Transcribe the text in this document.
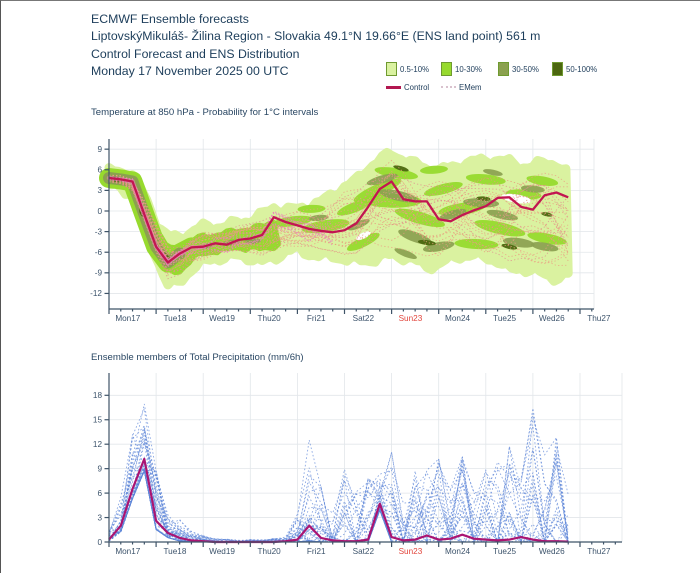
ECMWF Ensemble forecasts
LiptovskýMikuláš- Žilina Region - Slovakia 49.1°N 19.66°E (ENS land point) 561 m
Control Forecast and ENS Distribution
Monday 17 November 2025 00 UTC	0.5-10%	10-30%	30-50%	50-100%
Control	EMem
Temperature at 850 hPa - Probability for 1°C intervals
9
6
3
0
-3
-6
-9
-12
Mon17	Tue18	Wed19	Thu20	Fri21	Sat22	Sun23	Mon24	Tue25	Wed26	Thu27
Ensemble members of Total Precipitation (mm/6h)
0
3
6
9
12
15
18
Mon17	Tue18	Wed19	Thu20	Fri21	Sat22	Sun23	Mon24	Tue25	Wed26	Thu27
